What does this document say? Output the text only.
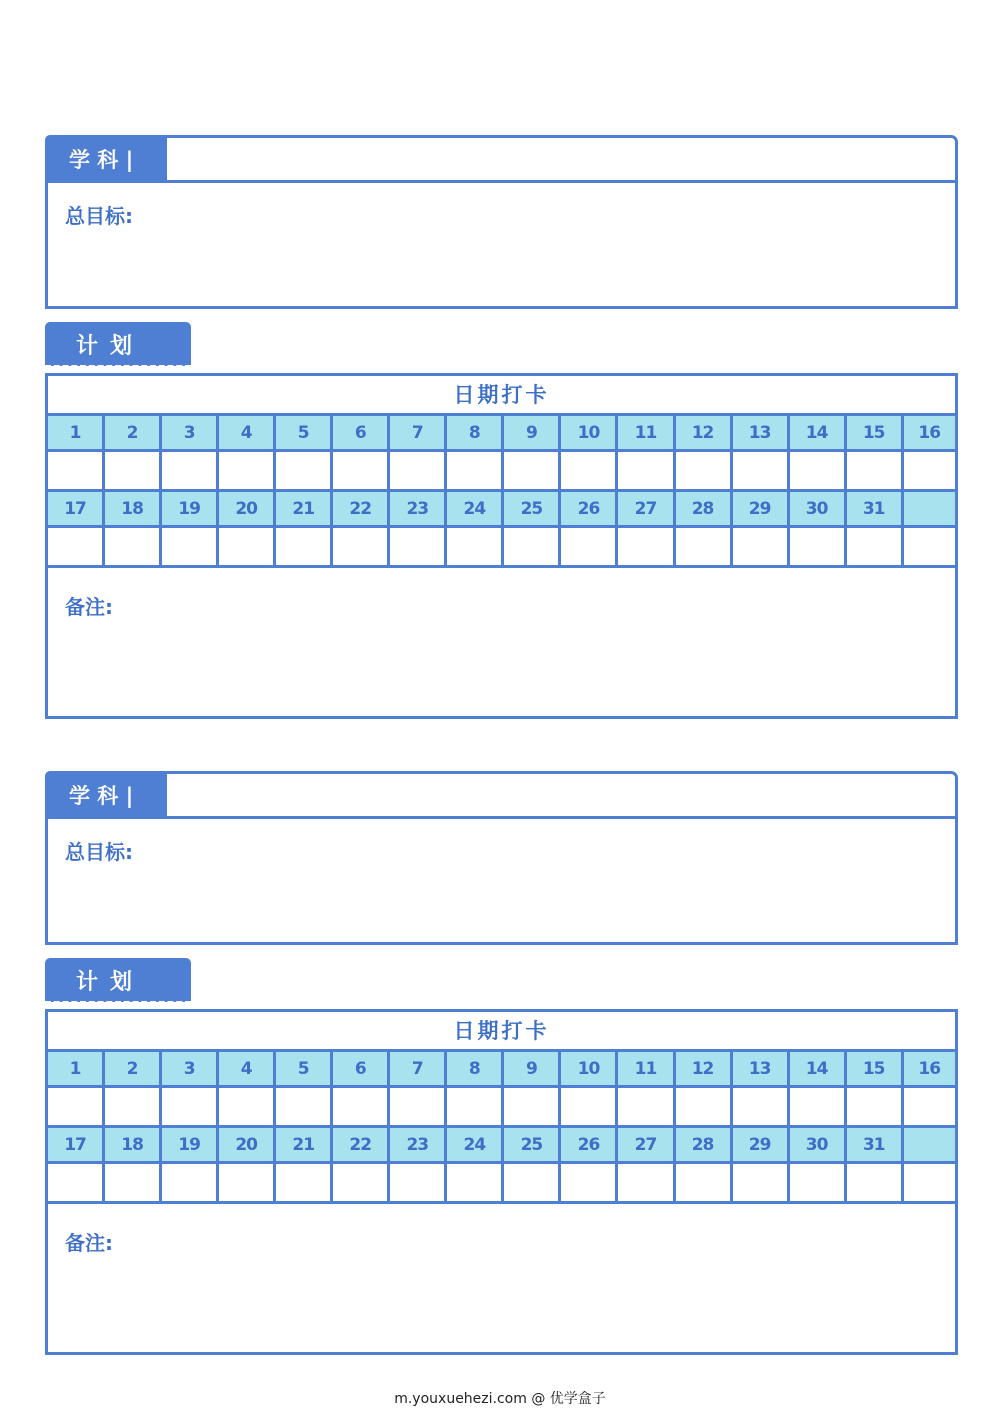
学 科 |
总目标:
计划
日期打卡
1	2	3	4	5	6	7	8	9	10	11	12	13	14	15	16
17	18	19	20	21	22	23	24	25	26	27	28	29	30	31
备注:
学 科 |
总目标:
计划
日期打卡
1	2	3	4	5	6	7	8	9	10	11	12	13	14	15	16
17	18	19	20	21	22	23	24	25	26	27	28	29	30	31
备注:
m.youxuehezi.com @ 优学盒子
